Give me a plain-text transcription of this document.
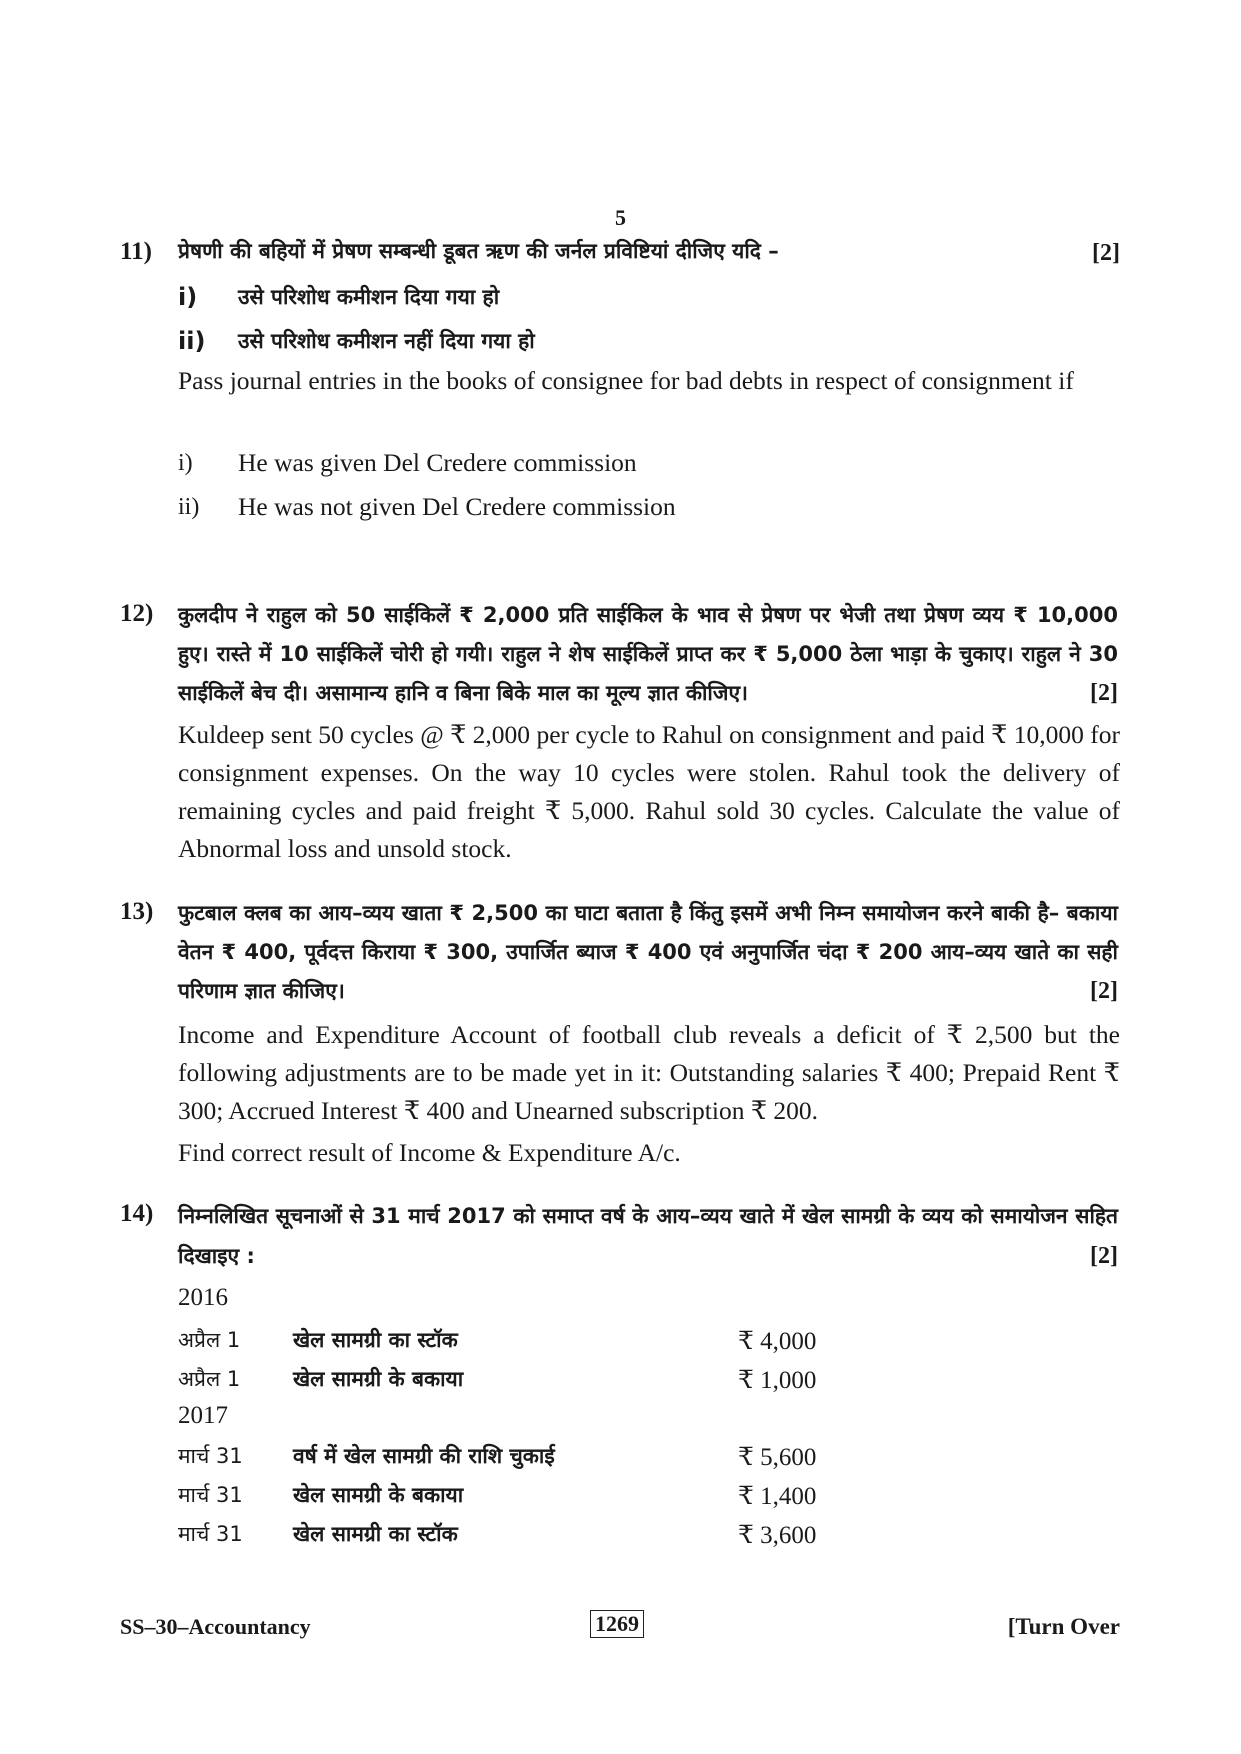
5
11)	[2]
प्रेषणी की बहियों में प्रेषण सम्बन्धी डूबत ऋण की जर्नल प्रविष्टियां दीजिए यदि –
i) उसे परिशोध कमीशन दिया गया हो
ii) उसे परिशोध कमीशन नहीं दिया गया हो
Pass journal entries in the books of consignee for bad debts in respect of consignment if
i) He was given Del Credere commission
ii) He was not given Del Credere commission
12) कुलदीप ने राहुल को 50 साईकिलें ₹ 2,000 प्रति साईकिल के भाव से प्रेषण पर भेजी तथा प्रेषण व्यय ₹ 10,000 हुए। रास्ते में 10 साईकिलें चोरी हो गयी। राहुल ने शेष साईकिलें प्राप्त कर ₹ 5,000 ठेला भाड़ा के चुकाए। राहुल ने 30 साईकिलें बेच दी। असामान्य हानि व बिना बिके माल का मूल्य ज्ञात कीजिए।	[2]
Kuldeep sent 50 cycles @ ₹ 2,000 per cycle to Rahul on consignment and paid ₹ 10,000 for consignment expenses. On the way 10 cycles were stolen. Rahul took the delivery of remaining cycles and paid freight ₹ 5,000. Rahul sold 30 cycles. Calculate the value of Abnormal loss and unsold stock.
13) फुटबाल क्लब का आय–व्यय खाता ₹ 2,500 का घाटा बताता है किंतु इसमें अभी निम्न समायोजन करने बाकी है– बकाया वेतन ₹ 400, पूर्वदत्त किराया ₹ 300, उपार्जित ब्याज ₹ 400 एवं अनुपार्जित चंदा ₹ 200 आय–व्यय खाते का सही परिणाम ज्ञात कीजिए।	[2]
Income and Expenditure Account of football club reveals a deficit of ₹ 2,500 but the following adjustments are to be made yet in it: Outstanding salaries ₹ 400; Prepaid Rent ₹ 300; Accrued Interest ₹ 400 and Unearned subscription ₹ 200.
Find correct result of Income & Expenditure A/c.
14) निम्नलिखित सूचनाओं से 31 मार्च 2017 को समाप्त वर्ष के आय–व्यय खाते में खेल सामग्री के व्यय को समायोजन सहित दिखाइए :	[2]
2016
अप्रैल 1	खेल सामग्री का स्टॉक	₹ 4,000
अप्रैल 1	खेल सामग्री के बकाया	₹ 1,000
2017
मार्च 31 वर्ष में खेल सामग्री की राशि चुकाई	₹ 5,600
मार्च 31 खेल सामग्री के बकाया	₹ 1,400
मार्च 31 खेल सामग्री का स्टॉक	₹ 3,600
SS–30–Accountancy	1269	[Turn Over
